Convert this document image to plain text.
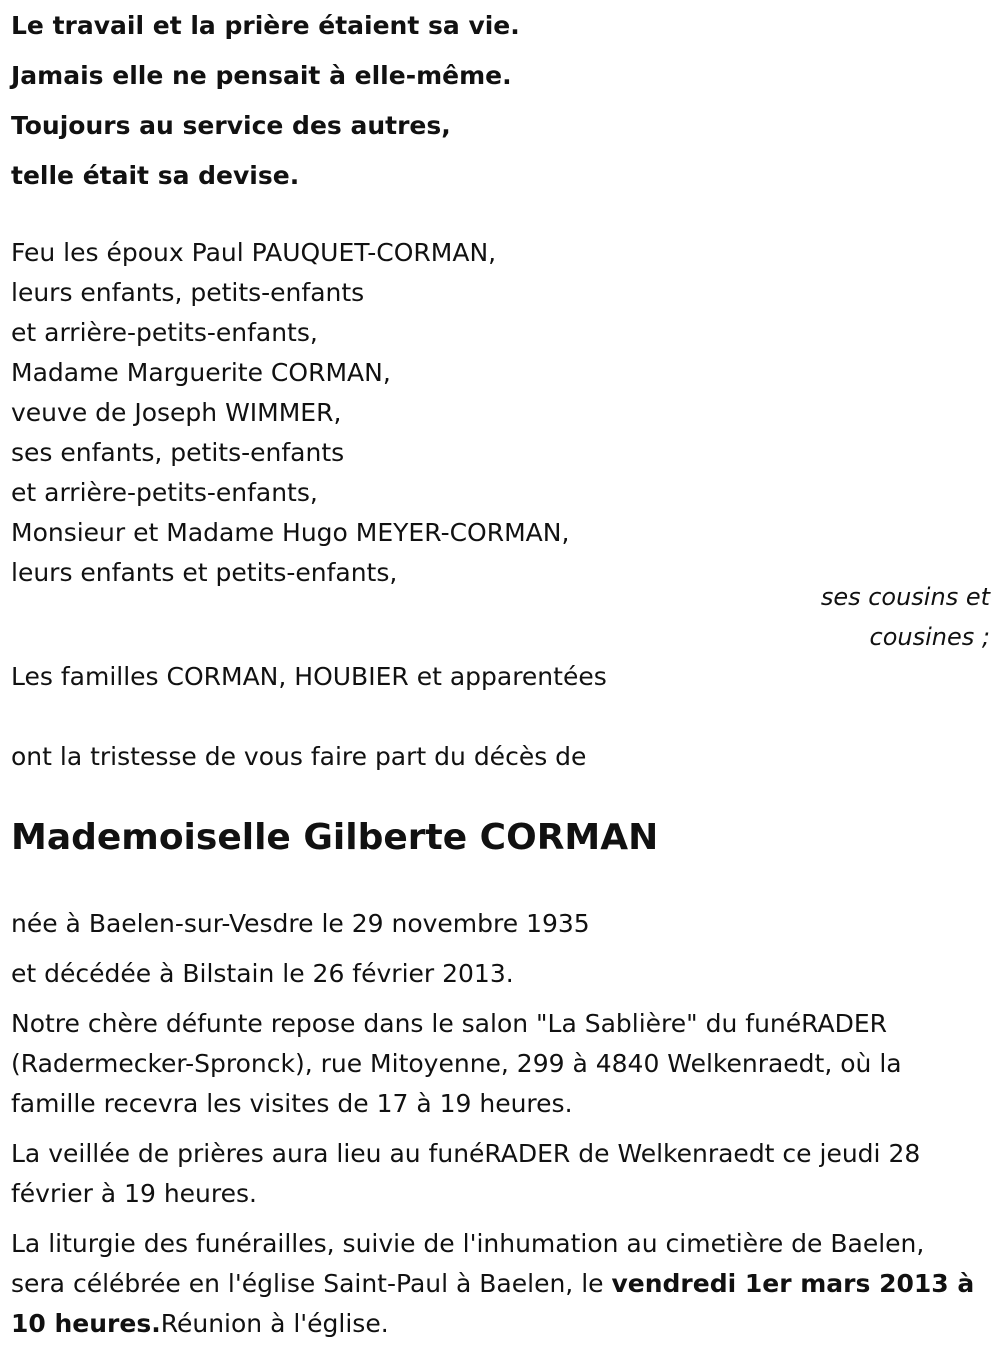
Le travail et la prière étaient sa vie.
Jamais elle ne pensait à elle-même.
Toujours au service des autres,
telle était sa devise.
Feu les époux Paul PAUQUET-CORMAN,
leurs enfants, petits-enfants
et arrière-petits-enfants,
Madame Marguerite CORMAN,
veuve de Joseph WIMMER,
ses enfants, petits-enfants
et arrière-petits-enfants,
Monsieur et Madame Hugo MEYER-CORMAN,
leurs enfants et petits-enfants,
ses cousins et
cousines ;
Les familles CORMAN, HOUBIER et apparentées
ont la tristesse de vous faire part du décès de
Mademoiselle Gilberte CORMAN
née à Baelen-sur-Vesdre le 29 novembre 1935
et décédée à Bilstain le 26 février 2013.
Notre chère défunte repose dans le salon "La Sablière" du funéRADER
(Radermecker-Spronck), rue Mitoyenne, 299 à 4840 Welkenraedt, où la
famille recevra les visites de 17 à 19 heures.
La veillée de prières aura lieu au funéRADER de Welkenraedt ce jeudi 28
février à 19 heures.
La liturgie des funérailles, suivie de l'inhumation au cimetière de Baelen,
sera célébrée en l'église Saint-Paul à Baelen, le vendredi 1er mars 2013 à
10 heures.Réunion à l'église.
